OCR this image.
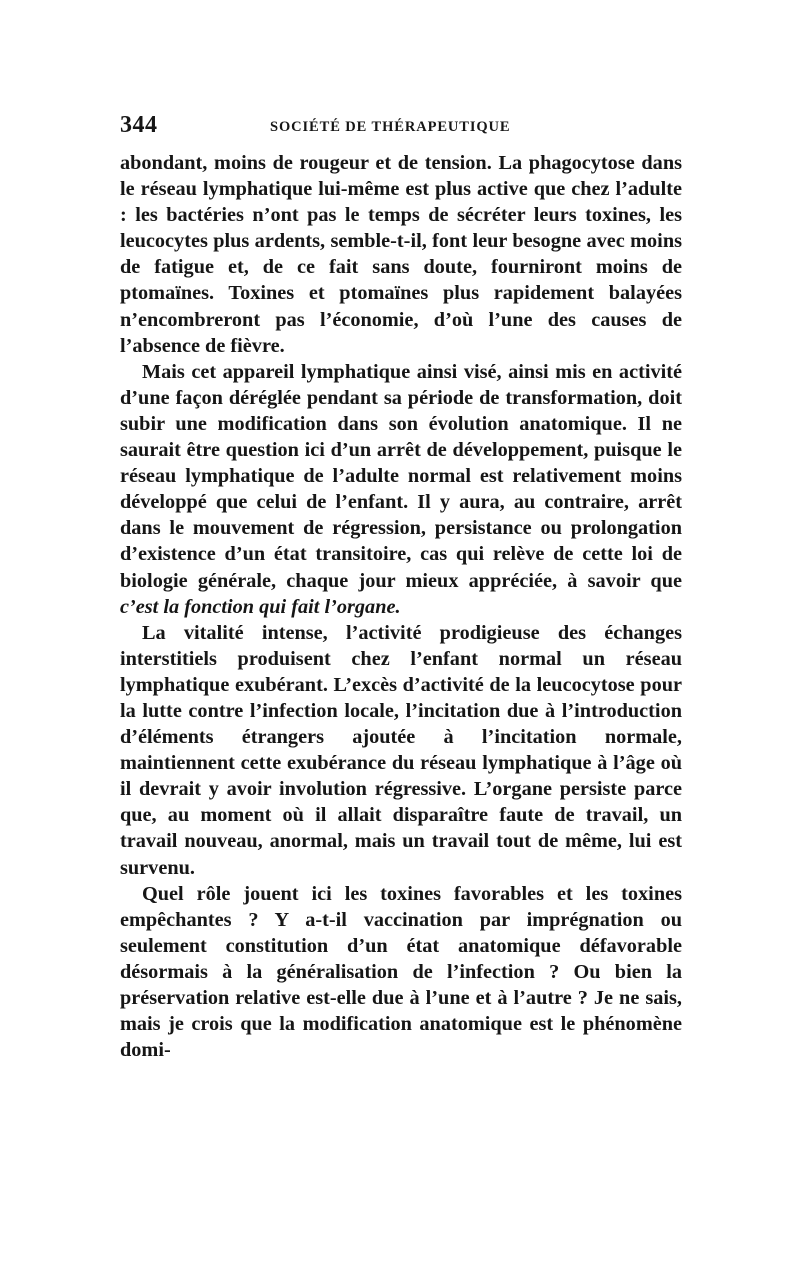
344	SOCIÉTÉ DE THÉRAPEUTIQUE

abondant, moins de rougeur et de tension. La phagocytose dans le réseau lymphatique lui-même est plus active que chez l’adulte : les bactéries n’ont pas le temps de sécréter leurs toxines, les leucocytes plus ardents, semble-t-il, font leur besogne avec moins de fatigue et, de ce fait sans doute, fourniront moins de ptomaïnes. Toxines et ptomaïnes plus rapidement balayées n’encombreront pas l’économie, d’où l’une des causes de l’absence de fièvre.

Mais cet appareil lymphatique ainsi visé, ainsi mis en activité d’une façon déréglée pendant sa période de transformation, doit subir une modification dans son évolution anatomique. Il ne saurait être question ici d’un arrêt de développement, puisque le réseau lymphatique de l’adulte normal est relativement moins développé que celui de l’enfant. Il y aura, au contraire, arrêt dans le mouvement de régression, persistance ou prolongation d’existence d’un état transitoire, cas qui relève de cette loi de biologie générale, chaque jour mieux appréciée, à savoir que c’est la fonction qui fait l’organe.

La vitalité intense, l’activité prodigieuse des échanges interstitiels produisent chez l’enfant normal un réseau lymphatique exubérant. L’excès d’activité de la leucocytose pour la lutte contre l’infection locale, l’incitation due à l’introduction d’éléments étrangers ajoutée à l’incitation normale, maintiennent cette exubérance du réseau lymphatique à l’âge où il devrait y avoir involution régressive. L’organe persiste parce que, au moment où il allait disparaître faute de travail, un travail nouveau, anormal, mais un travail tout de même, lui est survenu.

Quel rôle jouent ici les toxines favorables et les toxines empêchantes ? Y a-t-il vaccination par imprégnation ou seulement constitution d’un état anatomique défavorable désormais à la généralisation de l’infection ? Ou bien la préservation relative est-elle due à l’une et à l’autre ? Je ne sais, mais je crois que la modification anatomique est le phénomène domi-
